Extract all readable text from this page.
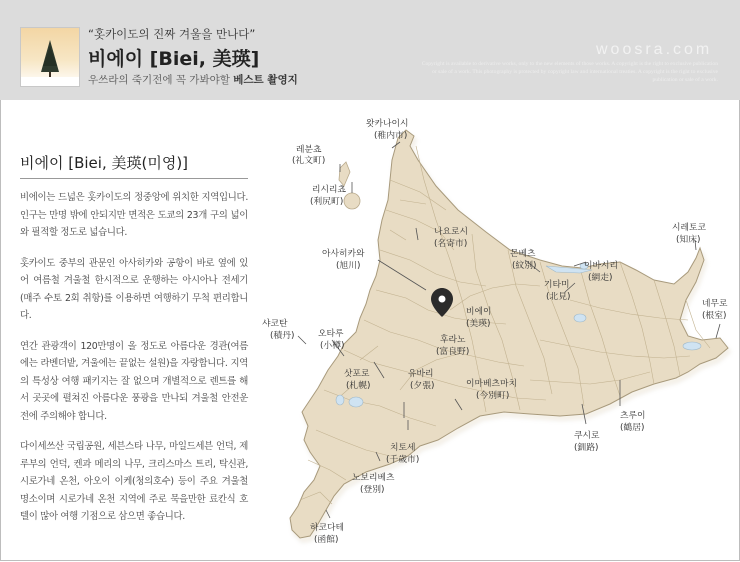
“홋카이도의 진짜 겨울을 만나다”
비에이 [Biei, 美瑛]
우쓰라의 죽기전에 꼭 가봐야할 베스트 촬영지
woosra.com
Copyright is available to derivative works, only to the new elements of those works. A copyright is the right to exclusive publication or sale of a work. This photography is protected by copyright law and international treaties. A copyright is the right to exclusive publication or sale of a work.
비에이 [Biei, 美瑛(미영)]

비에이는 드넓은 홋카이도의 정중앙에 위치한 지역입니다. 인구는 만명 밖에 안되지만 면적은 도쿄의 23개 구의 넓이와 필적할 정도로 넓습니다.

홋카이도 중부의 관문인 아사히카와 공항이 바로 옆에 있어 여름철 겨울철 한시적으로 운행하는 아시아나 전세기(매주 수토 2회 취항)를 이용하면 여행하기 무척 편리합니다.

연간 관광객이 120만명이 올 정도로 아름다운 경관(여름에는 라벤더밭, 겨울에는 끝없는 설원)을 자랑합니다. 지역의 특성상 여행 패키지는 잘 없으며 개별적으로 렌트를 해서 곳곳에 펼쳐진 아름다운 풍광을 만나되 겨울철 안전운전에 주의해야 합니다.

다이세쓰산 국립공원, 세븐스타 나무, 마일드세븐 언덕, 제루부의 언덕, 켄과 메리의 나무, 크리스마스 트리, 탁신관, 시로가네 온천, 아오이 이케(청의호수) 등이 주요 겨울철 명소이며 시로가네 온천 지역에 주로 묵을만한 료칸식 호텔이 많아 여행 기점으로 삼으면 좋습니다.

왓카나이시
(稚内市)
레분쵸
(礼文町)
리시리쵸
(利尻町)
나요로시
(名寄市)
아사히카와
(旭川)
몬베츠
(紋別)	이바시리
(網走)
시레토코
(知床)
기타미
(北見)
네무로
(根室)
비에이
(美瑛)
후라노
(富良野)
샤코탄
(積丹)	오타루
(小樽)
삿포로
(札幌)
유바리
(夕張)	이마베츠마치
(今別町)
치토세
(千歲市)
노보리베츠
(登別)
하코다테
(函館)
쿠시로
(釧路)
츠루이
(鶴居)
